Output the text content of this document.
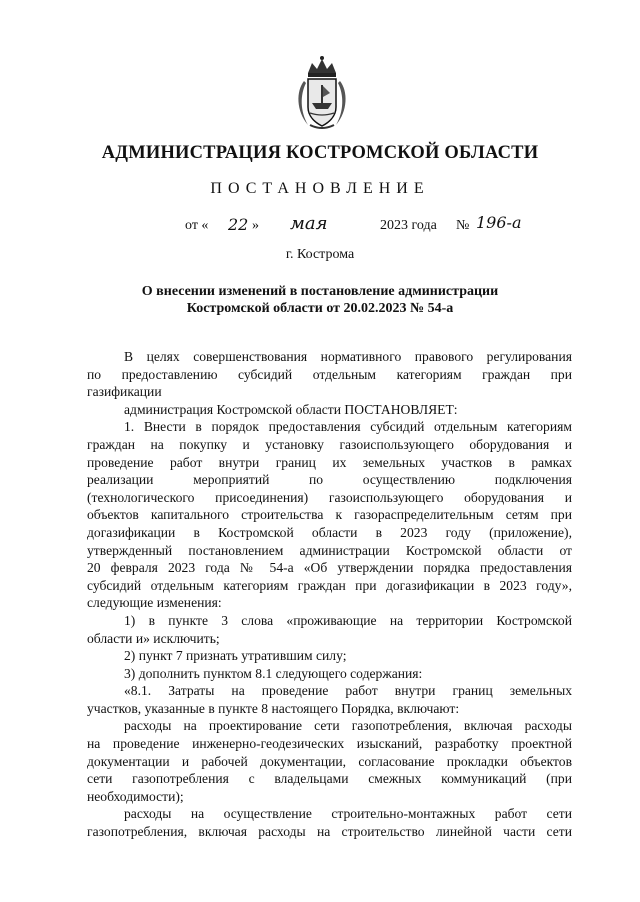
АДМИНИСТРАЦИЯ КОСТРОМСКОЙ ОБЛАСТИ
ПОСТАНОВЛЕНИЕ
от « 22 » мая	2023 года № 196-а
г. Кострома
О внесении изменений в постановление администрации
Костромской области от 20.02.2023 № 54-а

В целях совершенствования нормативного правового регулирования
по предоставлению субсидий отдельным категориям граждан при
газификации

администрация Костромской области ПОСТАНОВЛЯЕТ:

1. Внести в порядок предоставления субсидий отдельным категориям
граждан на покупку и установку газоиспользующего оборудования и
проведение работ внутри границ их земельных участков в рамках
реализации мероприятий по осуществлению подключения
(технологического присоединения) газоиспользующего оборудования и
объектов капитального строительства к газораспределительным сетям при
догазификации в Костромской области в 2023 году (приложение),
утвержденный постановлением администрации Костромской области от
20 февраля 2023 года № 54-а «Об утверждении порядка предоставления
субсидий отдельным категориям граждан при догазификации в 2023 году»,
следующие изменения:

1) в пункте 3 слова «проживающие на территории Костромской
области и» исключить;

2) пункт 7 признать утратившим силу;

3) дополнить пунктом 8.1 следующего содержания:

«8.1. Затраты на проведение работ внутри границ земельных
участков, указанные в пункте 8 настоящего Порядка, включают:

расходы на проектирование сети газопотребления, включая расходы
на проведение инженерно-геодезических изысканий, разработку проектной
документации и рабочей документации, согласование прокладки объектов
сети газопотребления с владельцами смежных коммуникаций (при
необходимости);

расходы на осуществление строительно-монтажных работ сети
газопотребления, включая расходы на строительство линейной части сети
